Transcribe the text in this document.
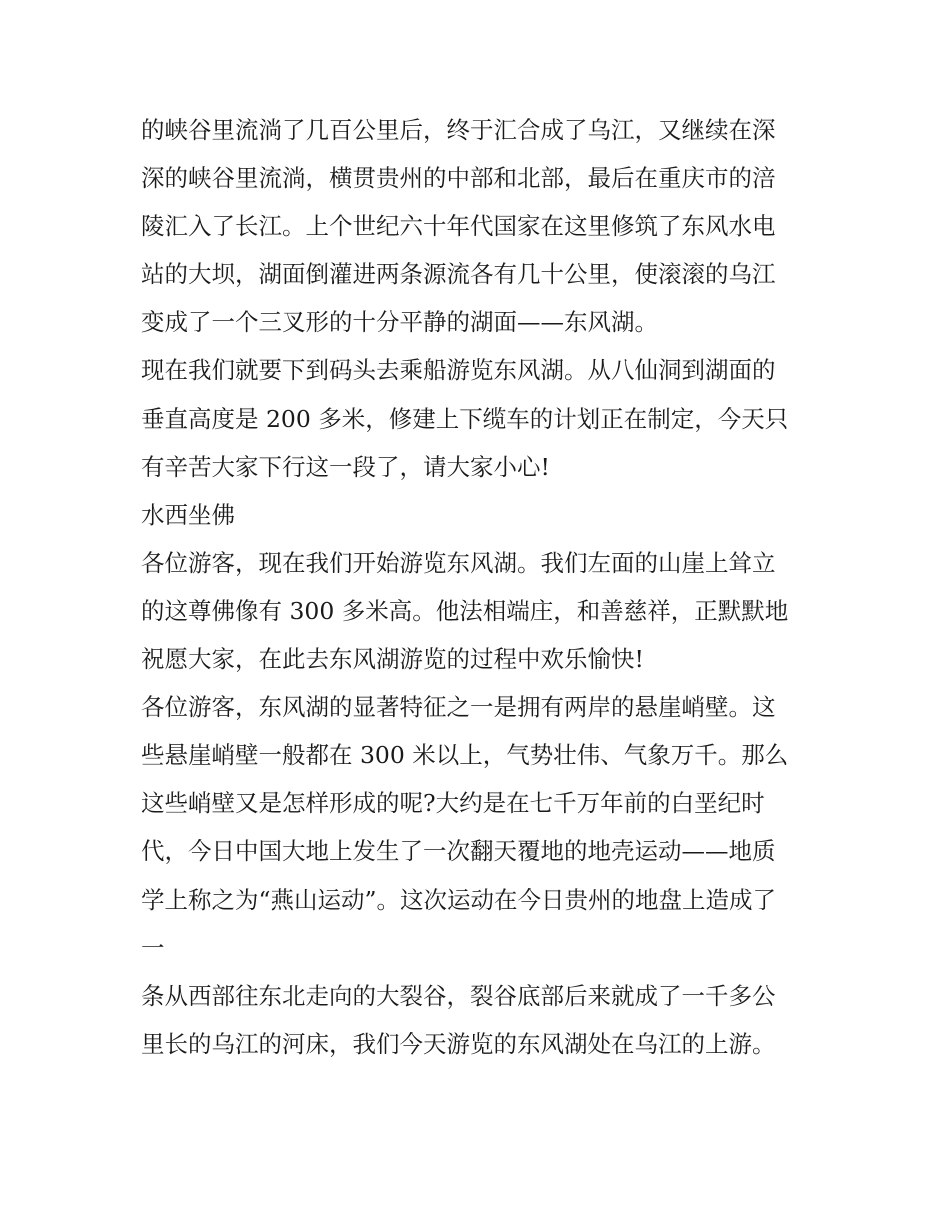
的峡谷里流淌了几百公里后，终于汇合成了乌江，又继续在深
深的峡谷里流淌，横贯贵州的中部和北部，最后在重庆市的涪
陵汇入了长江。上个世纪六十年代国家在这里修筑了东风水电
站的大坝，湖面倒灌进两条源流各有几十公里，使滚滚的乌江
变成了一个三叉形的十分平静的湖面——东风湖。
现在我们就要下到码头去乘船游览东风湖。从八仙洞到湖面的
垂直高度是 200 多米，修建上下缆车的计划正在制定，今天只
有辛苦大家下行这一段了，请大家小心!
水西坐佛
各位游客，现在我们开始游览东风湖。我们左面的山崖上耸立
的这尊佛像有 300 多米高。他法相端庄，和善慈祥，正默默地
祝愿大家，在此去东风湖游览的过程中欢乐愉快!
各位游客，东风湖的显著特征之一是拥有两岸的悬崖峭壁。这
些悬崖峭壁一般都在 300 米以上，气势壮伟、气象万千。那么
这些峭壁又是怎样形成的呢?大约是在七千万年前的白垩纪时
代，今日中国大地上发生了一次翻天覆地的地壳运动——地质
学上称之为“燕山运动”。这次运动在今日贵州的地盘上造成了
一
条从西部往东北走向的大裂谷，裂谷底部后来就成了一千多公
里长的乌江的河床，我们今天游览的东风湖处在乌江的上游。
